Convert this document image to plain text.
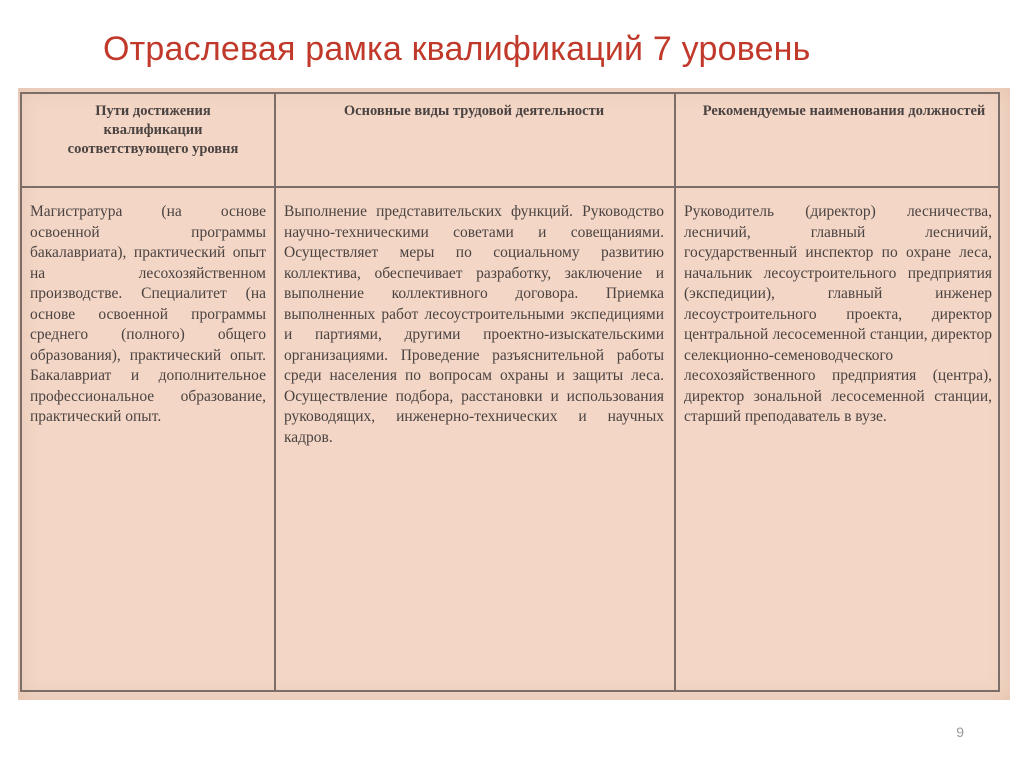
Отраслевая рамка квалификаций 7 уровень
Пути достижения квалификации соответствующего уровня
Основные виды трудовой деятельности	Рекомендуемые наименования должностей
Магистратура (на основе освоенной программы бакалавриата), практический опыт на лесохозяйственном производстве. Специалитет (на основе освоенной программы среднего (полного) общего образования), практический опыт. Бакалавриат и дополнительное профессиональное образование, практический опыт.
Выполнение представительских функций. Руководство научно-техническими советами и совещаниями. Осуществляет меры по социальному развитию коллектива, обеспечивает разработку, заключение и выполнение коллективного договора. Приемка выполненных работ лесоустроительными экспедициями и партиями, другими проектно-изыскательскими организациями. Проведение разъяснительной работы среди населения по вопросам охраны и защиты леса. Осуществление подбора, расстановки и использования руководящих, инженерно-технических и научных кадров.
Руководитель (директор) лесничества, лесничий, главный лесничий, государственный инспектор по охране леса, начальник лесоустроительного предприятия (экспедиции), главный инженер лесоустроительного проекта, директор центральной лесосеменной станции, директор селекционно-семеноводческого лесохозяйственного предприятия (центра), директор зональной лесосеменной станции, старший преподаватель в вузе.
9
